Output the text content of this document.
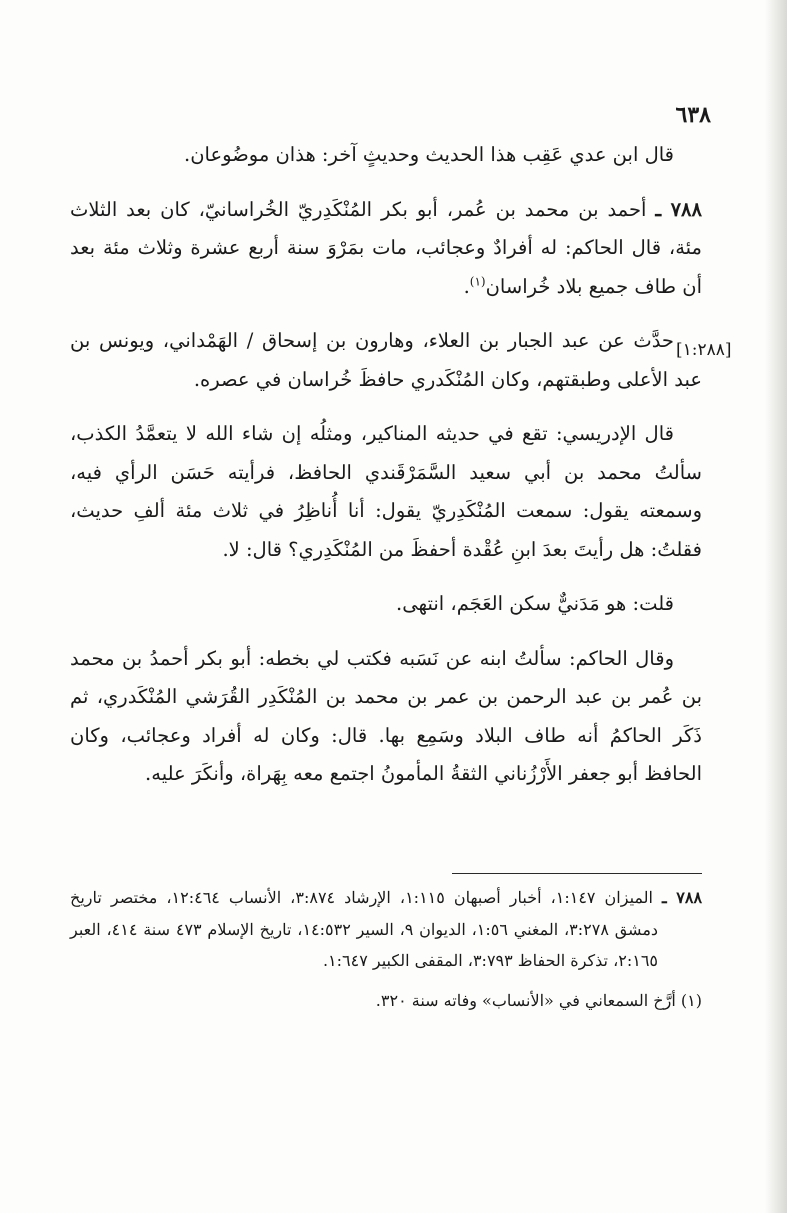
٦٣٨
[١:٢٨٨]

قال ابن عدي عَقِب هذا الحديث وحديثٍ آخر: هذان موضُوعان.

٧٨٨ ـ أحمد بن محمد بن عُمر، أبو بكر المُنْكَدِريّ الخُراسانيّ، كان بعد الثلاث مئة، قال الحاكم: له أفرادٌ وعجائب، مات بمَرْوَ سنة أربع عشرة وثلاث مئة بعد أن طاف جميع بلاد خُراسان$^{(١)}$.

حدَّث عن عبد الجبار بن العلاء، وهارون بن إسحاق / الهَمْداني، ويونس بن عبد الأعلى وطبقتهم، وكان المُنْكَدري حافظَ خُراسان في عصره.

قال الإدريسي: تقع في حديثه المناكير، ومثلُه إن شاء الله لا يتعمَّدُ الكذب، سألتُ محمد بن أبي سعيد السَّمَرْقَندي الحافظ، فرأيته حَسَن الرأي فيه، وسمعته يقول: سمعت المُنْكَدِريّ يقول: أنا أُناظِرُ في ثلاث مئة ألفِ حديث، فقلتُ: هل رأيتَ بعدَ ابنِ عُقْدة أحفظَ من المُنْكَدِري؟ قال: لا.

قلت: هو مَدَنيٌّ سكن العَجَم، انتهى.

وقال الحاكم: سألتُ ابنه عن نَسَبه فكتب لي بخطه: أبو بكر أحمدُ بن محمد بن عُمر بن عبد الرحمن بن عمر بن محمد بن المُنْكَدِر القُرَشي المُنْكَدري، ثم ذَكَر الحاكمُ أنه طاف البلاد وسَمِع بها. قال: وكان له أفراد وعجائب، وكان الحافظ أبو جعفر الأَرْزُناني الثقةُ المأمونُ اجتمع معه بِهَراة، وأنكَرَ عليه.

٧٨٨ ـ الميزان ١:١٤٧، أخبار أصبهان ١:١١٥، الإرشاد ٣:٨٧٤، الأنساب ١٢:٤٦٤، مختصر تاريخ دمشق ٣:٢٧٨، المغني ١:٥٦، الديوان ٩، السير ١٤:٥٣٢، تاريخ الإسلام ٤٧٣ سنة ٤١٤، العبر ٢:١٦٥، تذكرة الحفاظ ٣:٧٩٣، المقفى الكبير ١:٦٤٧.

(١) أرَّخ السمعاني في «الأنساب» وفاته سنة ٣٢٠.
